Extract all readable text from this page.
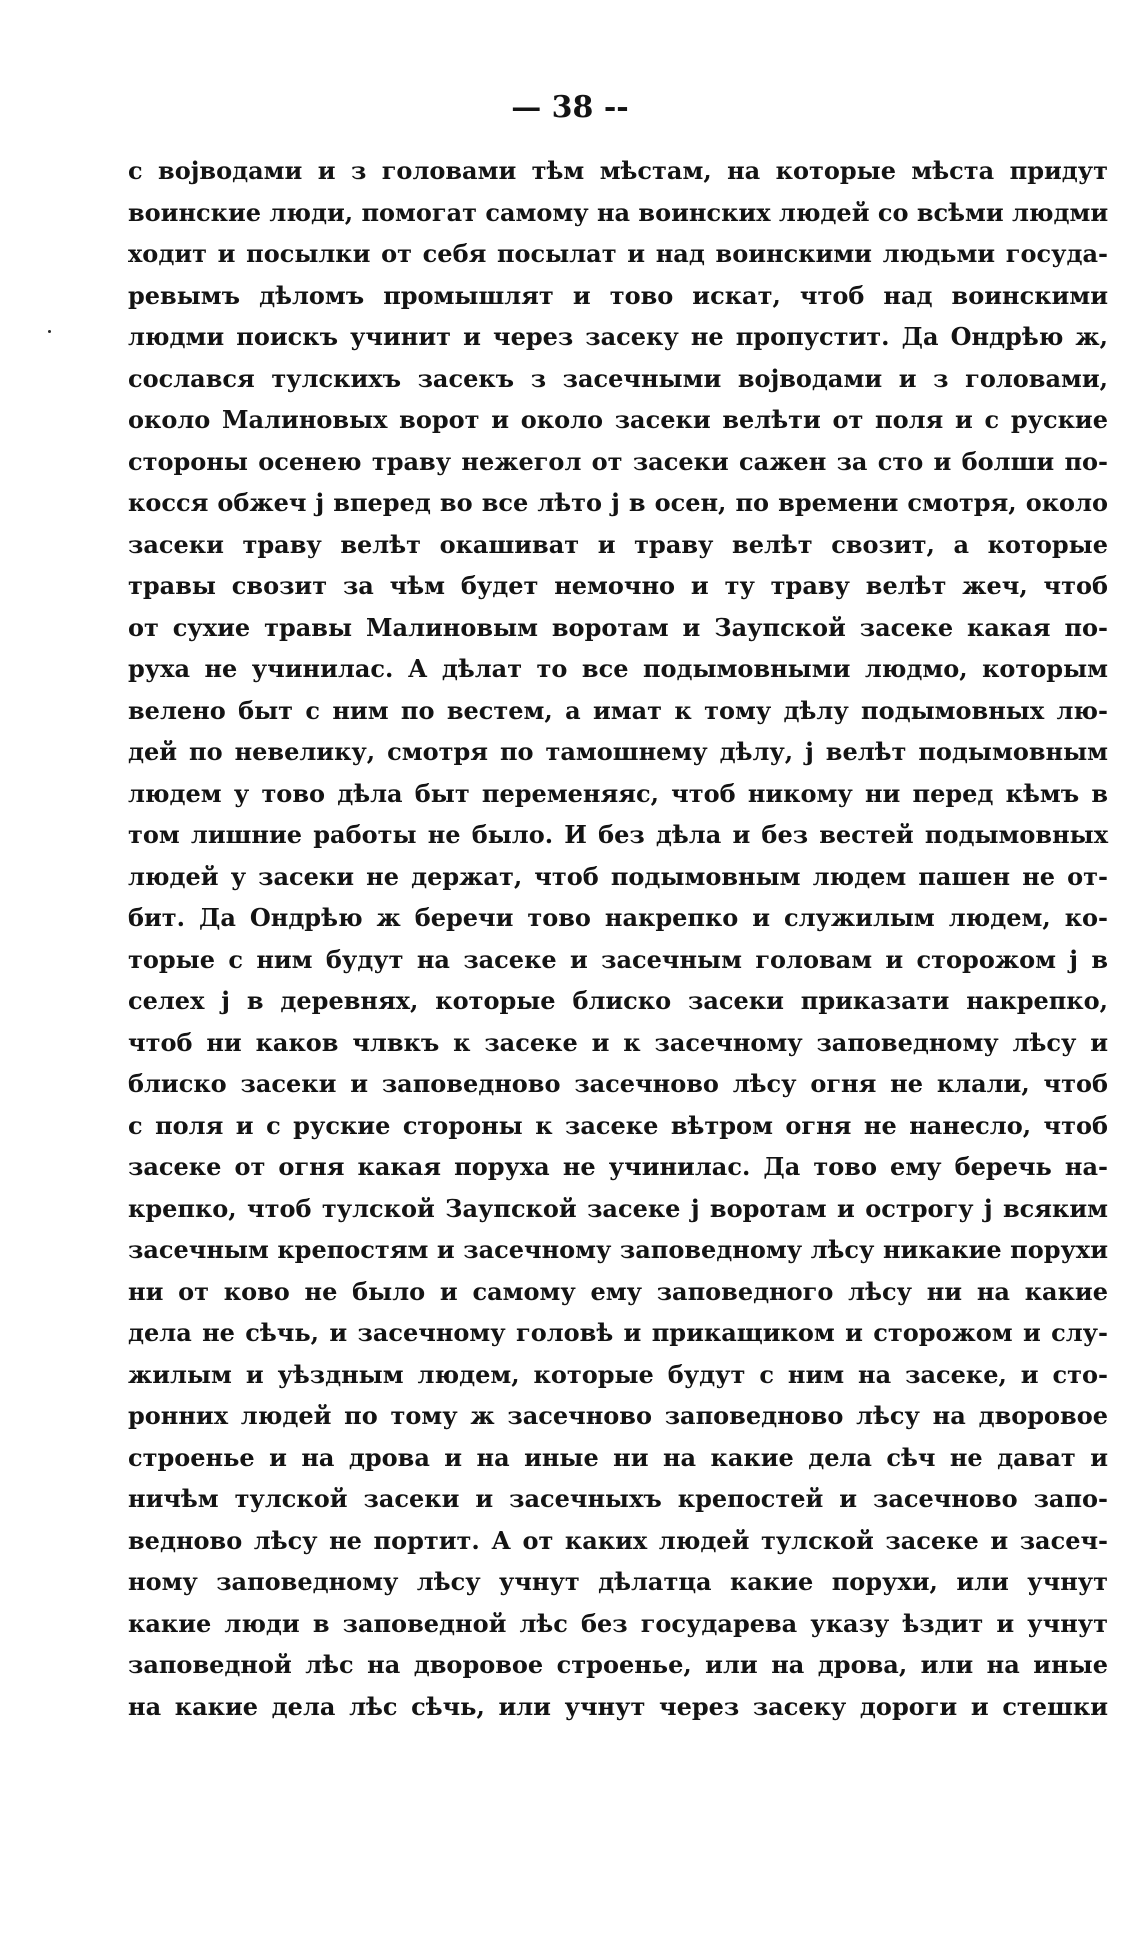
— 38 --
с војводами и з головами тѣм мѣстам, на которые мѣста придут
воинские люди, помогат самому на воинских людей со всѣми людми
ходит и посылки от себя посылат и над воинскими людьми госуда-
ревымъ дѣломъ промышлят и тово искат, чтоб над воинскими
людми поискъ учинит и через засеку не пропустит. Да Ондрѣю ж,
сослався тулскихъ засекъ з засечными војводами и з головами,
около Малиновых ворот и около засеки велѣти от поля и с руские
стороны осенею траву нежегол от засеки сажен за сто и болши по-
косся обжеч ј вперед во все лѣто ј в осен, по времени смотря, около
засеки траву велѣт окашиват и траву велѣт свозит, а которые
травы свозит за чѣм будет немочно и ту траву велѣт жеч, чтоб
от сухие травы Малиновым воротам и Заупской засеке какая по-
руха не учинилас. А дѣлат то все подымовными людмо, которым
велено быт с ним по вестем, а имат к тому дѣлу подымовных лю-
дей по невелику, смотря по тамошнему дѣлу, ј велѣт подымовным
людем у тово дѣла быт переменяяс, чтоб никому ни перед кѣмъ в
том лишние работы не было. И без дѣла и без вестей подымовных
людей у засеки не держат, чтоб подымовным людем пашен не от-
бит. Да Ондрѣю ж беречи тово накрепко и служилым людем, ко-
торые с ним будут на засеке и засечным головам и сторожом ј в
селех ј в деревнях, которые блиско засеки приказати накрепко,
чтоб ни каков члвкъ к засеке и к засечному заповедному лѣсу и
блиско засеки и заповедново засечново лѣсу огня не клали, чтоб
с поля и с руские стороны к засеке вѣтром огня не нанесло, чтоб
засеке от огня какая поруха не учинилас. Да тово ему беречь на-
крепко, чтоб тулской Заупской засеке ј воротам и острогу ј всяким
засечным крепостям и засечному заповедному лѣсу никакие порухи
ни от ково не было и самому ему заповедного лѣсу ни на какие
дела не сѣчь, и засечному головѣ и прикащиком и сторожом и слу-
жилым и уѣздным людем, которые будут с ним на засеке, и сто-
ронних людей по тому ж засечново заповедново лѣсу на дворовое
строенье и на дрова и на иные ни на какие дела сѣч не дават и
ничѣм тулской засеки и засечныхъ крепостей и засечново запо-
ведново лѣсу не портит. А от каких людей тулской засеке и засеч-
ному заповедному лѣсу учнут дѣлатца какие порухи, или учнут
какие люди в заповедной лѣс без государева указу ѣздит и учнут
заповедной лѣс на дворовое строенье, или на дрова, или на иные
на какие дела лѣс сѣчь, или учнут через засеку дороги и стешки
